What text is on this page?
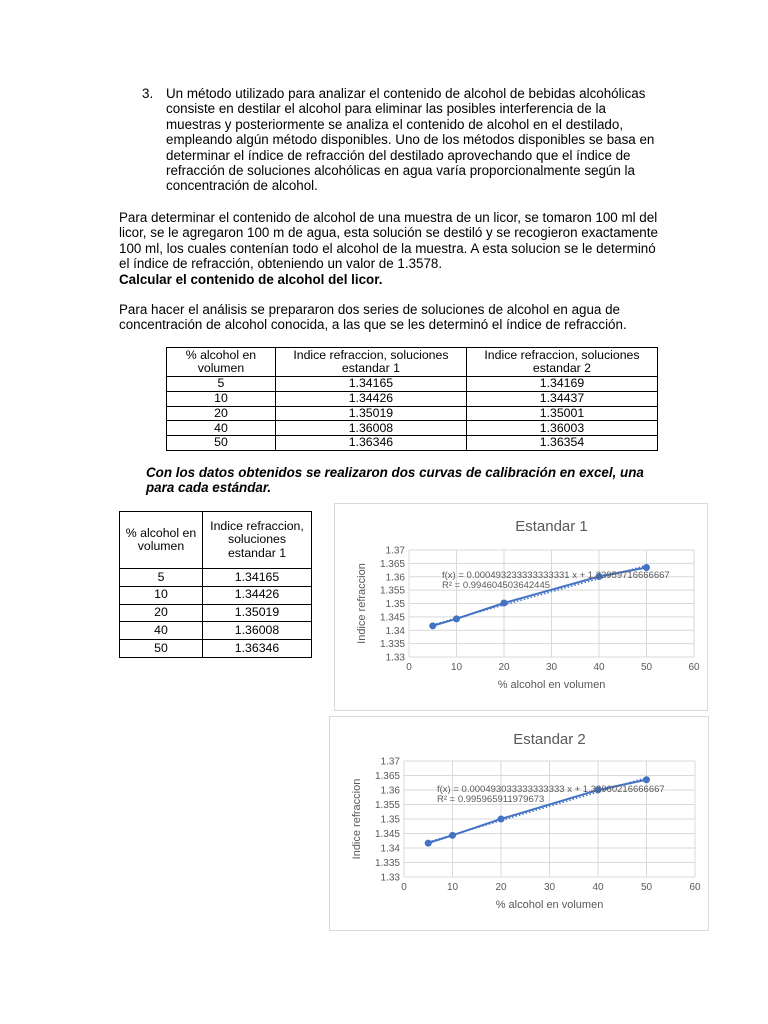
3. Un método utilizado para analizar el contenido de alcohol de bebidas alcohólicas consiste en destilar el alcohol para eliminar las posibles interferencia de la muestras y posteriormente se analiza el contenido de alcohol en el destilado, empleando algún método disponibles. Uno de los métodos disponibles se basa en determinar el índice de refracción del destilado aprovechando que el índice de refracción de soluciones alcohólicas en agua varía proporcionalmente según la concentración de alcohol.
Para determinar el contenido de alcohol de una muestra de un licor, se tomaron 100 ml del licor, se le agregaron 100 m de agua, esta solución se destiló y se recogieron exactamente 100 ml, los cuales contenían todo el alcohol de la muestra. A esta solucion se le determinó el índice de refracción, obteniendo un valor de 1.3578.
Calcular el contenido de alcohol del licor.
Para hacer el análisis se prepararon dos series de soluciones de alcohol en agua de concentración de alcohol conocida, a las que se les determinó el índice de refracción.
% alcohol en volumen	Indice refraccion, soluciones estandar 1	Indice refraccion, soluciones estandar 2
5	1.34165	1.34169
10	1.34426	1.34437
20	1.35019	1.35001
40	1.36008	1.36003
50	1.36346	1.36354
Con los datos obtenidos se realizaron dos curvas de calibración en excel, una para cada estándar.
% alcohol en volumen	Indice refraccion, soluciones estandar 1
5	1.34165
10	1.34426
20	1.35019
40	1.36008
50	1.36346
Estandar 1
1.33
1.335
1.34
1.345
1.35
1.355
1.36
1.365
1.37
0	10	20	30	40	50	60
% alcohol en volumen
Indice refraccion	f(x) = 0.000493233333333331 x + 1.33959716666667
R² = 0.994604503642445
Estandar 2
1.33
1.335
1.34
1.345
1.35
1.355
1.36
1.365
1.37
0	10	20	30	40	50	60
% alcohol en volumen
Indice refraccion	f(x) = 0.000493033333333333 x + 1.33960216666667
R² = 0.995965911979673
